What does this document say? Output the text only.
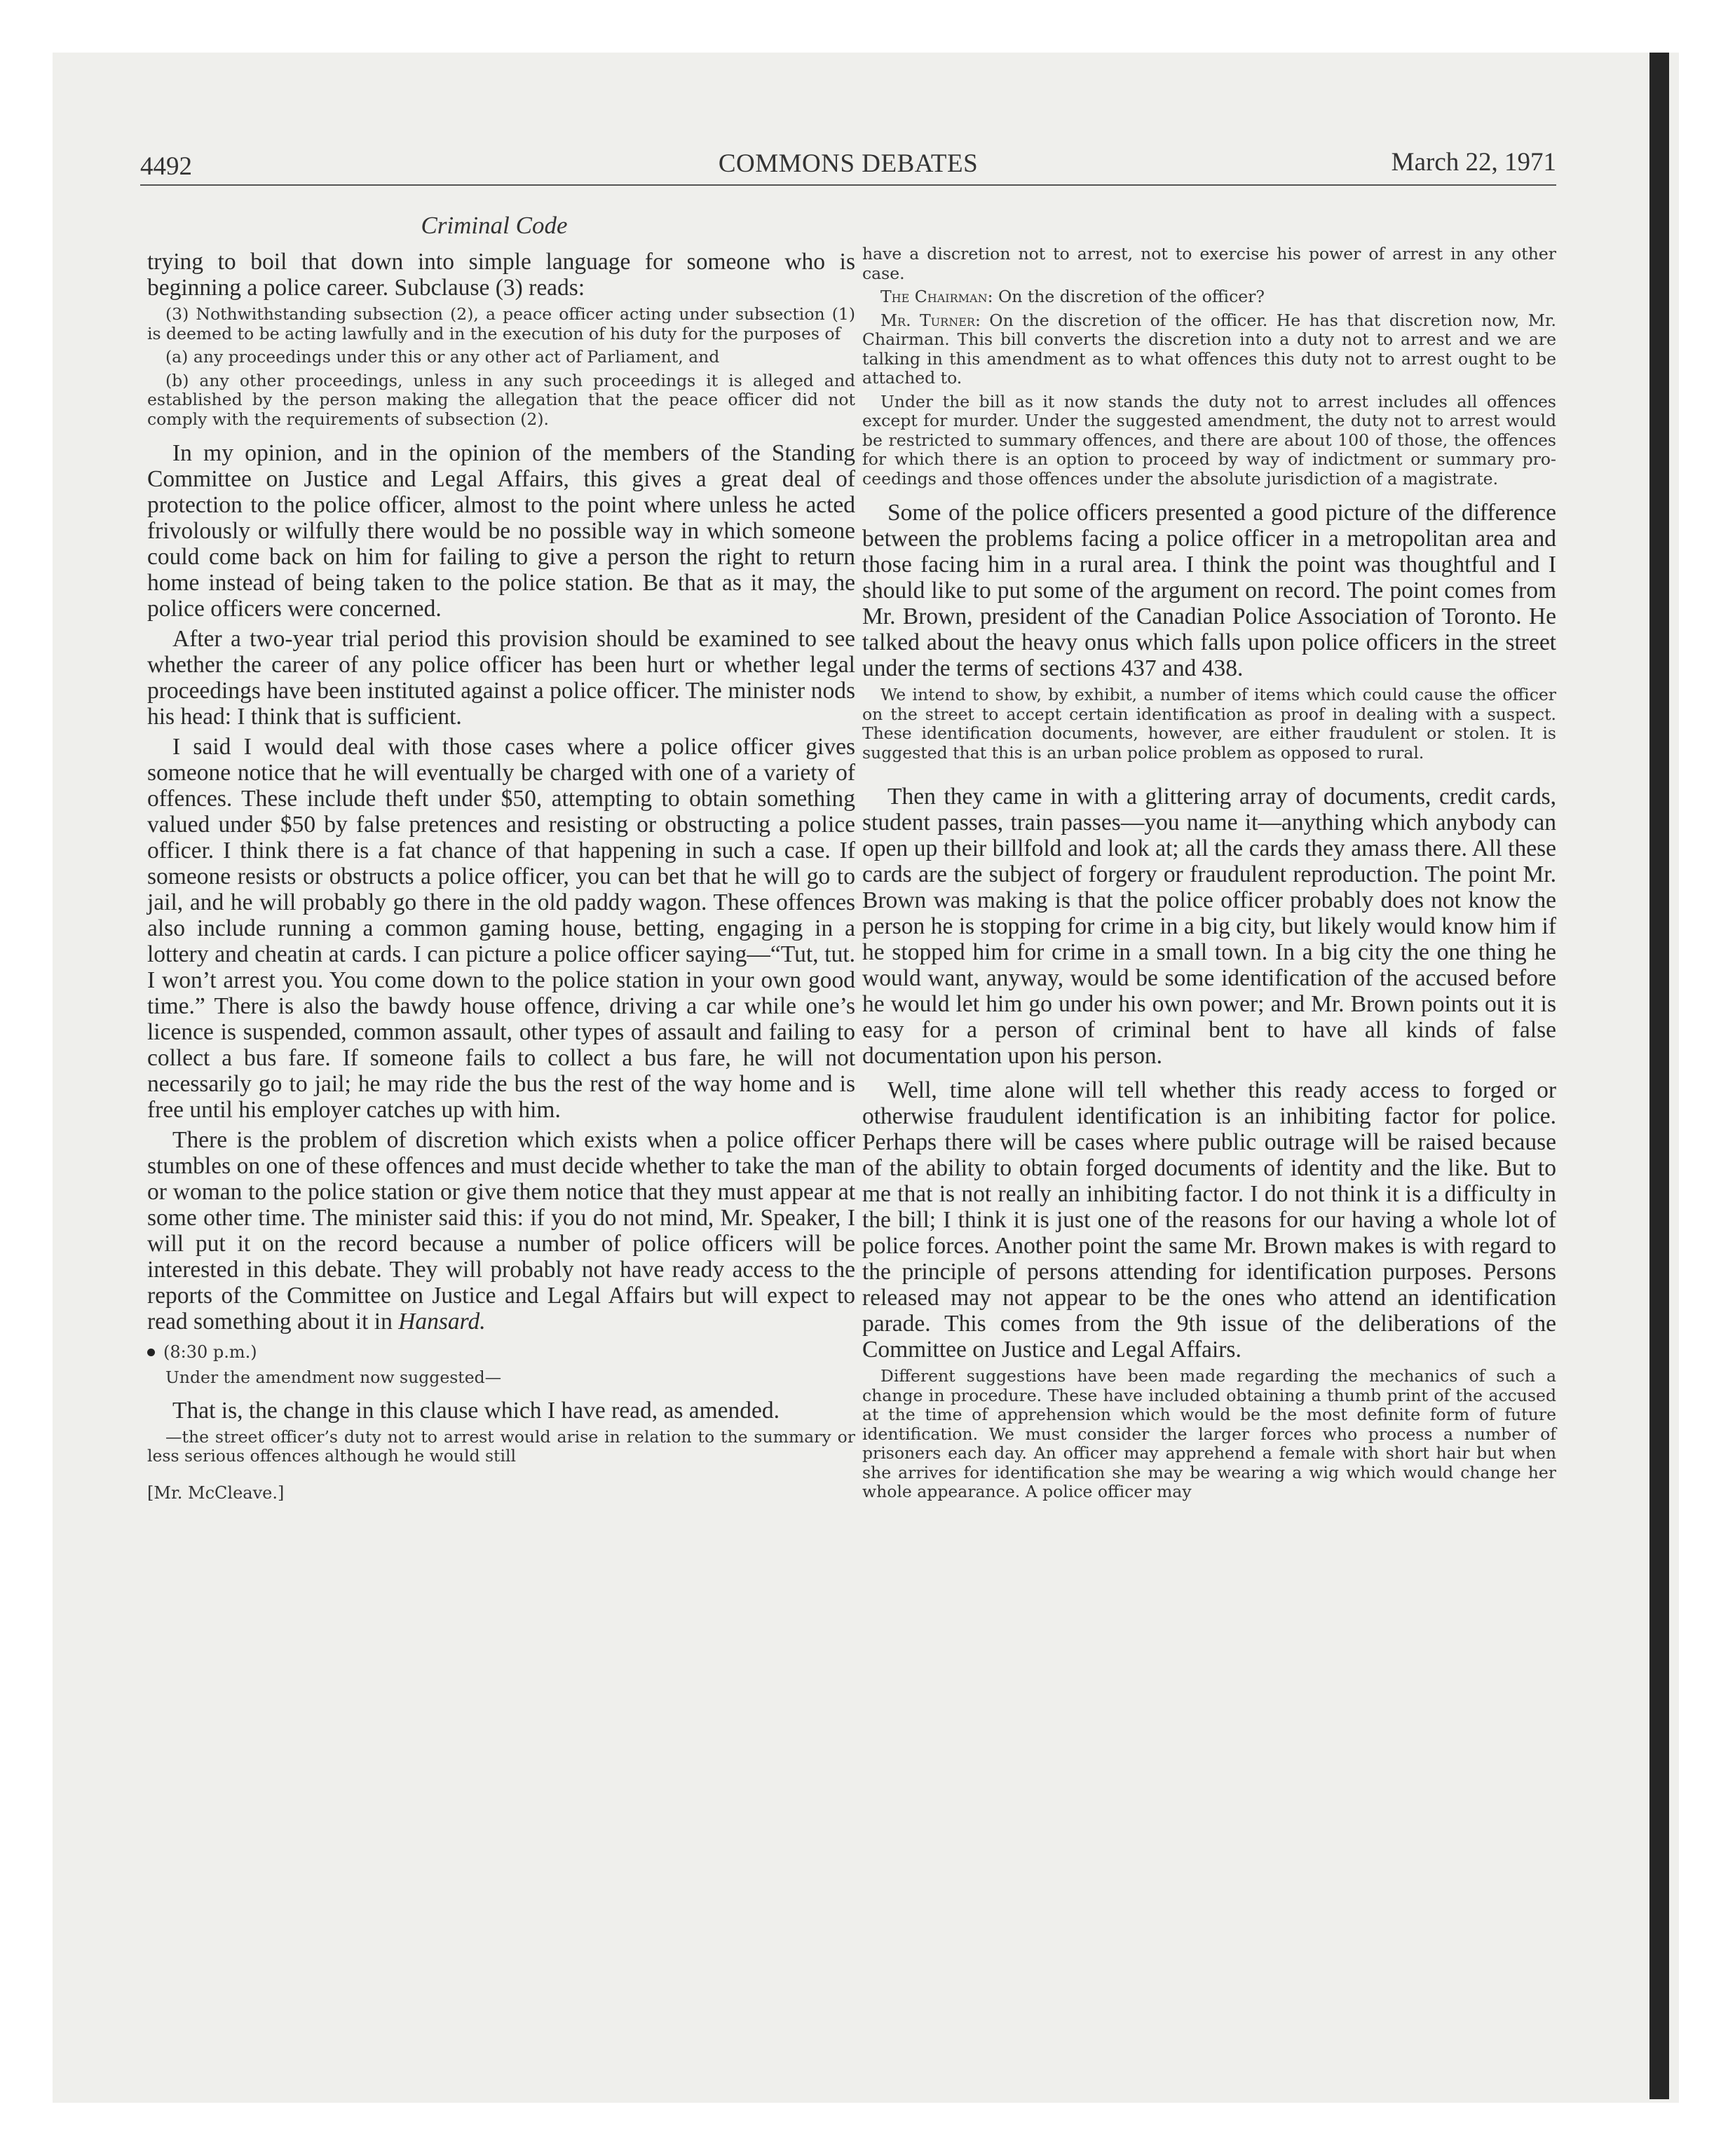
4492	COMMONS DEBATES	March 22, 1971
Criminal Code

trying to boil that down into simple language for someone who is beginning a police career. Subclause (3) reads:

(3) Nothwithstanding subsection (2), a peace officer acting under subsection (1) is deemed to be acting lawfully and in the execution of his duty for the purposes of

(a) any proceedings under this or any other act of Parliament, and

(b) any other proceedings, unless in any such proceedings it is alleged and established by the person making the allegation that the peace officer did not comply with the requirements of subsection (2).

In my opinion, and in the opinion of the members of the Standing Committee on Justice and Legal Affairs, this gives a great deal of protection to the police officer, almost to the point where unless he acted frivolously or wilfully there would be no possible way in which someone could come back on him for failing to give a person the right to return home instead of being taken to the police station. Be that as it may, the police officers were concerned.

After a two-year trial period this provision should be examined to see whether the career of any police officer has been hurt or whether legal proceedings have been instituted against a police officer. The minister nods his head: I think that is sufficient.

I said I would deal with those cases where a police officer gives someone notice that he will eventually be charged with one of a variety of offences. These include theft under $50, attempting to obtain something valued under $50 by false pretences and resisting or obstructing a police officer. I think there is a fat chance of that happening in such a case. If someone resists or obstructs a police officer, you can bet that he will go to jail, and he will probably go there in the old paddy wagon. These offences also include running a common gaming house, betting, engaging in a lottery and cheatin at cards. I can picture a police officer saying—“Tut, tut. I won’t arrest you. You come down to the police station in your own good time.” There is also the bawdy house offence, driving a car while one’s licence is suspended, common assault, other types of assault and failing to collect a bus fare. If someone fails to collect a bus fare, he will not necessarily go to jail; he may ride the bus the rest of the way home and is free until his employer catches up with him.

There is the problem of discretion which exists when a police officer stumbles on one of these offences and must decide whether to take the man or woman to the police station or give them notice that they must appear at some other time. The minister said this: if you do not mind, Mr. Speaker, I will put it on the record because a number of police officers will be interested in this debate. They will probably not have ready access to the reports of the Committee on Justice and Legal Affairs but will expect to read something about it in Hansard.

(8:30 p.m.)

Under the amendment now suggested—

That is, the change in this clause which I have read, as amended.

—the street officer’s duty not to arrest would arise in relation to the summary or less serious offences although he would still

[Mr. McCleave.]

have a discretion not to arrest, not to exercise his power of arrest in any other case.

The Chairman: On the discretion of the officer?

Mr. Turner: On the discretion of the officer. He has that discretion now, Mr. Chairman. This bill converts the discretion into a duty not to arrest and we are talking in this amendment as to what offences this duty not to arrest ought to be attached to.

Under the bill as it now stands the duty not to arrest includes all offences except for murder. Under the suggested amendment, the duty not to arrest would be restricted to summary offences, and there are about 100 of those, the offences for which there is an option to proceed by way of indictment or summary proceedings and those offences under the absolute jurisdiction of a magistrate.

Some of the police officers presented a good picture of the difference between the problems facing a police officer in a metropolitan area and those facing him in a rural area. I think the point was thoughtful and I should like to put some of the argument on record. The point comes from Mr. Brown, president of the Canadian Police Association of Toronto. He talked about the heavy onus which falls upon police officers in the street under the terms of sections 437 and 438.

We intend to show, by exhibit, a number of items which could cause the officer on the street to accept certain identification as proof in dealing with a suspect. These identification documents, however, are either fraudulent or stolen. It is suggested that this is an urban police problem as opposed to rural.

Then they came in with a glittering array of documents, credit cards, student passes, train passes—you name it—anything which anybody can open up their billfold and look at; all the cards they amass there. All these cards are the subject of forgery or fraudulent reproduction. The point Mr. Brown was making is that the police officer probably does not know the person he is stopping for crime in a big city, but likely would know him if he stopped him for crime in a small town. In a big city the one thing he would want, anyway, would be some identification of the accused before he would let him go under his own power; and Mr. Brown points out it is easy for a person of criminal bent to have all kinds of false documentation upon his person.

Well, time alone will tell whether this ready access to forged or otherwise fraudulent identification is an inhibiting factor for police. Perhaps there will be cases where public outrage will be raised because of the ability to obtain forged documents of identity and the like. But to me that is not really an inhibiting factor. I do not think it is a difficulty in the bill; I think it is just one of the reasons for our having a whole lot of police forces. Another point the same Mr. Brown makes is with regard to the principle of persons attending for identification purposes. Persons released may not appear to be the ones who attend an identification parade. This comes from the 9th issue of the deliberations of the Committee on Justice and Legal Affairs.

Different suggestions have been made regarding the mechanics of such a change in procedure. These have included obtaining a thumb print of the accused at the time of apprehension which would be the most definite form of future identification. We must consider the larger forces who process a number of prisoners each day. An officer may apprehend a female with short hair but when she arrives for identification she may be wearing a wig which would change her whole appearance. A police officer may
